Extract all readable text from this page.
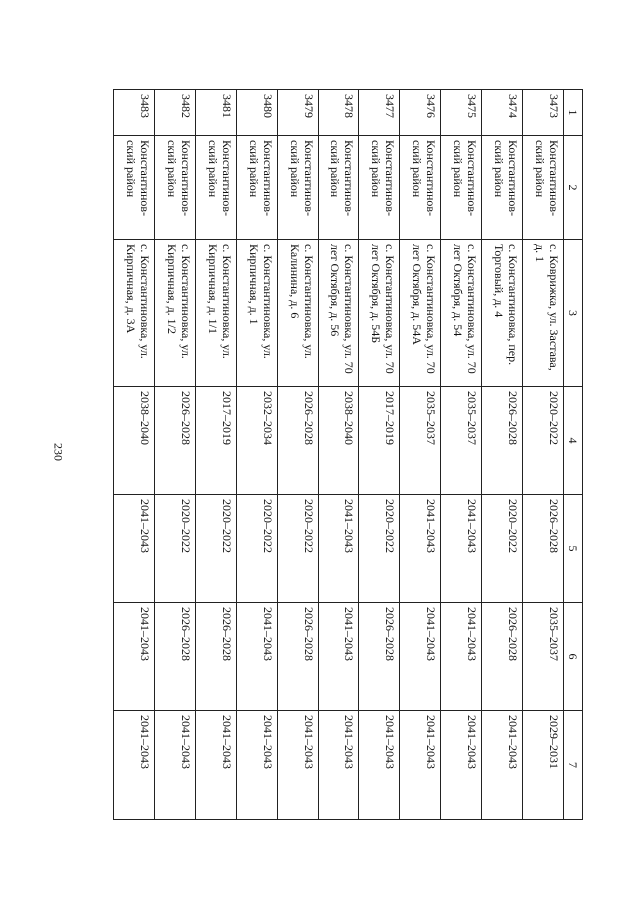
230
1	2	3	4	5	6	7
3473	Константинов-ский район	с. Коврижка, ул. Застава, д. 1	2020–2022	2026–2028	2035–2037	2029–2031
3474	Константинов-ский район	с. Константиновка, пер. Торговый, д. 4	2026–2028	2020–2022	2026–2028	2041–2043
3475	Константинов-ский район	с. Константиновка, ул. 70 лет Октября, д. 54	2035–2037	2041–2043	2041–2043	2041–2043
3476	Константинов-ский район	с. Константиновка, ул. 70 лет Октября, д. 54А	2035–2037	2041–2043	2041–2043	2041–2043
3477	Константинов-ский район	с. Константиновка, ул. 70 лет Октября, д. 54Б	2017–2019	2020–2022	2026–2028	2041–2043
3478	Константинов-ский район	с. Константиновка, ул. 70 лет Октября, д. 56	2038–2040	2041–2043	2041–2043	2041–2043
3479	Константинов-ский район	с. Константиновка, ул. Калинина, д. 6	2026–2028	2020–2022	2026–2028	2041–2043
3480	Константинов-ский район	с. Константиновка, ул. Кирпичная, д. 1	2032–2034	2020–2022	2041–2043	2041–2043
3481	Константинов-ский район	с. Константиновка, ул. Кирпичная, д. 1/1	2017–2019	2020–2022	2026–2028	2041–2043
3482	Константинов-ский район	с. Константиновка, ул. Кирпичная, д. 1/2	2026–2028	2020–2022	2026–2028	2041–2043
3483	Константинов-ский район	с. Константиновка, ул. Кирпичная, д. 3А	2038–2040	2041–2043	2041–2043	2041–2043
